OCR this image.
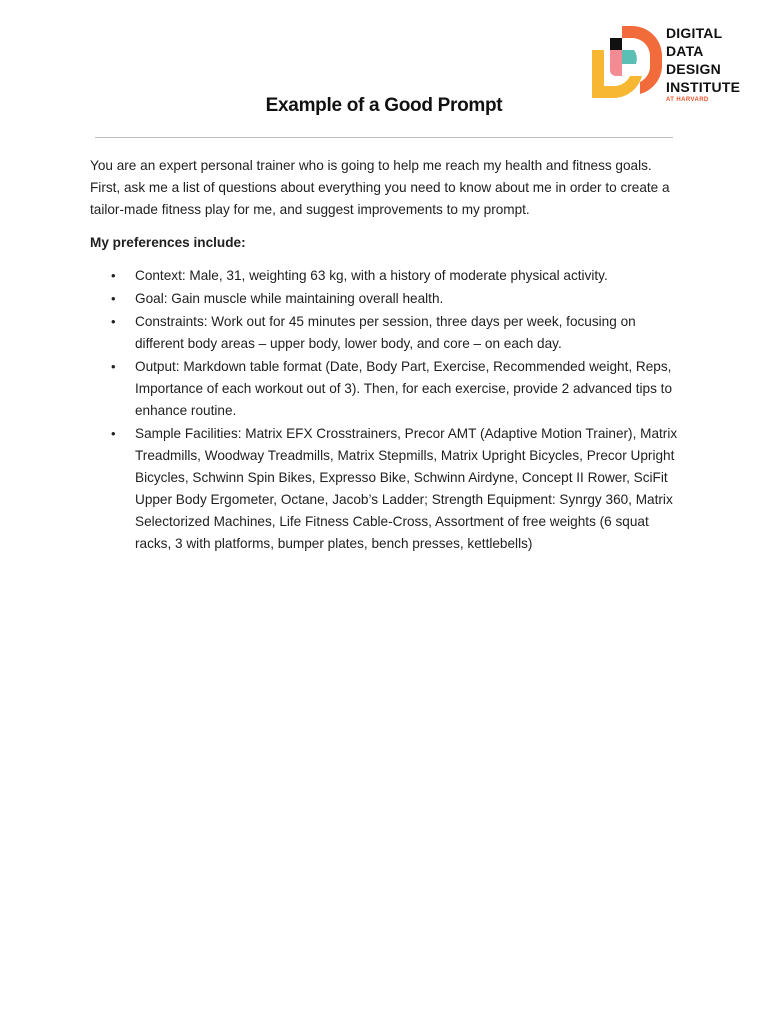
DIGITAL
DATA
DESIGN
INSTITUTE
AT HARVARD
Example of a Good Prompt

You are an expert personal trainer who is going to help me reach my health and fitness goals. First, ask me a list of questions about everything you need to know about me in order to create a tailor-made fitness play for me, and suggest improvements to my prompt.

My preferences include:

• Context: Male, 31, weighting 63 kg, with a history of moderate physical activity.
• Goal: Gain muscle while maintaining overall health.
• Constraints: Work out for 45 minutes per session, three days per week, focusing on different body areas – upper body, lower body, and core – on each day.
• Output: Markdown table format (Date, Body Part, Exercise, Recommended weight, Reps, Importance of each workout out of 3). Then, for each exercise, provide 2 advanced tips to enhance routine.
• Sample Facilities: Matrix EFX Crosstrainers, Precor AMT (Adaptive Motion Trainer), Matrix Treadmills, Woodway Treadmills, Matrix Stepmills, Matrix Upright Bicycles, Precor Upright Bicycles, Schwinn Spin Bikes, Expresso Bike, Schwinn Airdyne, Concept II Rower, SciFit Upper Body Ergometer, Octane, Jacob’s Ladder; Strength Equipment: Synrgy 360, Matrix Selectorized Machines, Life Fitness Cable-Cross, Assortment of free weights (6 squat racks, 3 with platforms, bumper plates, bench presses, kettlebells)
